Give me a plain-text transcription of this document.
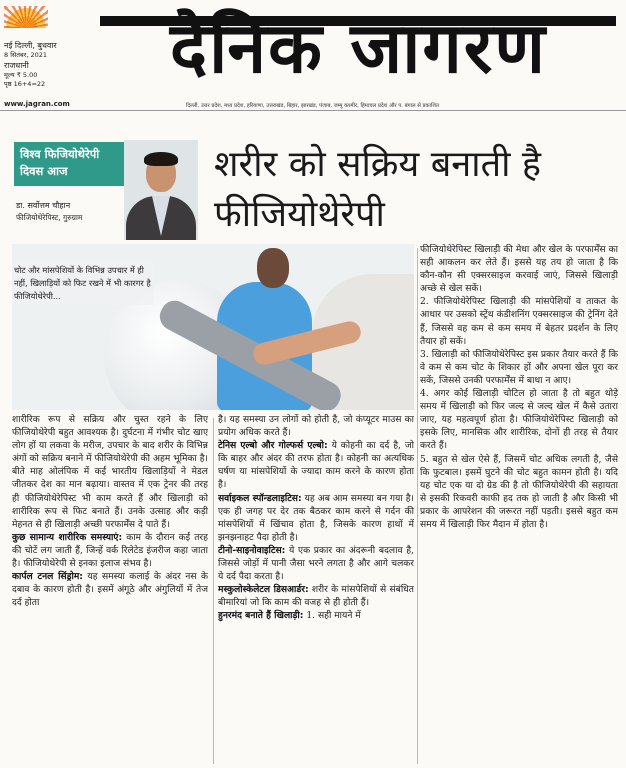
नई दिल्ली, बुधवार
8 सितंबर, 2021
राजधानी
मूल्य ₹ 5.00
पृष्ठ 16+4=22	दैनिक जागरण
www.jagran.com	दिल्ली, उत्तर प्रदेश, मध्य प्रदेश, हरियाणा, उत्तराखंड, बिहार, झारखंड, पंजाब, जम्मू कश्मीर, हिमाचल प्रदेश और प. बंगाल से प्रकाशित
विश्व फिजियोथेरेपी
दिवस आज
डा. सर्वोत्तम चौहान
फीजियोथेरेपिस्ट, गुरुग्राम
शरीर को सक्रिय बनाती है
फीजियोथेरेपी
चोट और मांसपेशियों के विभिन्न उपचार में ही नहीं, खिलाड़ियों को फिट रखने में भी कारगर है फीजियोथेरेपी...

शारीरिक रूप से सक्रिय और चुस्त रहने के लिए फीजियोथेरेपी बहुत आवश्यक है। दुर्घटना में गंभीर चोट खाए लोग हों या लकवा के मरीज, उपचार के बाद शरीर के विभिन्न अंगों को सक्रिय बनाने में फीजियोथेरेपी की अहम भूमिका है। बीते माह ओलंपिक में कई भारतीय खिलाड़ियों ने मेडल जीतकर देश का मान बढ़ाया। वास्तव में एक ट्रेनर की तरह ही फीजियोथेरेपिस्ट भी काम करते हैं और खिलाड़ी को शारीरिक रूप से फिट बनाते हैं। उनके उत्साह और कड़ी मेहनत से ही खिलाड़ी अच्छी परफार्मेंस दे पाते हैं।

कुछ सामान्य शारीरिक समस्याएं: काम के दौरान कई तरह की चोटें लग जाती हैं, जिन्हें वर्क रिलेटेड इंजरीज कहा जाता है। फीजियोथेरेपी से इनका इलाज संभव है।

कार्पल टनल सिंड्रोम: यह समस्या कलाई के अंदर नस के दबाव के कारण होती है। इसमें अंगूठे और अंगुलियों में तेज दर्द होता

है। यह समस्या उन लोगों को होती है, जो कंप्यूटर माउस का प्रयोग अधिक करते हैं।

टेनिस एल्बो और गोल्फर्स एल्बो: ये कोहनी का दर्द है, जो कि बाहर और अंदर की तरफ होता है। कोहनी का अत्यधिक घर्षण या मांसपेशियों के ज्यादा काम करने के कारण होता है।

सर्वाइकल स्पॉन्डलाइटिस: यह अब आम समस्या बन गया है। एक ही जगह पर देर तक बैठकर काम करने से गर्दन की मांसपेशियों में खिंचाव होता है, जिसके कारण हाथों में झनझनाहट पैदा होती है।

टीनो-साइनोवाइटिस: ये एक प्रकार का अंदरूनी बदलाव है, जिससे जोड़ों में पानी जैसा भरने लगता है और आगे चलकर ये दर्द पैदा करता है।

मस्कुलोस्केलेटल डिसआर्डर: शरीर के मांसपेशियों से संबंधित बीमारियां जो कि काम की वजह से ही होती हैं।

हुनरमंद बनाते हैं खिलाड़ी: 1. सही मायने में

फीजियोथेरेपिस्ट खिलाड़ी की मेधा और खेल के परफार्मेंस का सही आकलन कर लेते हैं। इससे यह तय हो जाता है कि कौन-कौन सी एक्सरसाइज करवाई जाएं, जिससे खिलाड़ी अच्छे से खेल सकें।

2. फीजियोथेरेपिस्ट खिलाड़ी की मांसपेशियों व ताकत के आधार पर उसको स्ट्रेंथ कंडीशनिंग एक्सरसाइज की ट्रेनिंग देते हैं, जिससे वह कम से कम समय में बेहतर प्रदर्शन के लिए तैयार हो सकें।

3. खिलाड़ी को फीजियोथेरेपिस्ट इस प्रकार तैयार करते हैं कि वे कम से कम चोट के शिकार हों और अपना खेल पूरा कर सकें, जिससे उनकी परफार्मेंस में बाधा न आए।

4. अगर कोई खिलाड़ी चोटिल हो जाता है तो बहुत थोड़े समय में खिलाड़ी को फिर जल्द से जल्द खेल में कैसे उतारा जाए, यह महत्वपूर्ण होता है। फीजियोथेरेपिस्ट खिलाड़ी को इसके लिए, मानसिक और शारीरिक, दोनों ही तरह से तैयार करते हैं।

5. बहुत से खेल ऐसे हैं, जिसमें चोट अधिक लगती है, जैसे कि फुटबाल। इसमें घुटने की चोट बहुत कामन होती है। यदि यह चोट एक या दो ग्रेड की है तो फीजियोथेरेपी की सहायता से इसकी रिकवरी काफी हद तक हो जाती है और किसी भी प्रकार के आपरेशन की जरूरत नहीं पड़ती। इससे बहुत कम समय में खिलाड़ी फिर मैदान में होता है।
